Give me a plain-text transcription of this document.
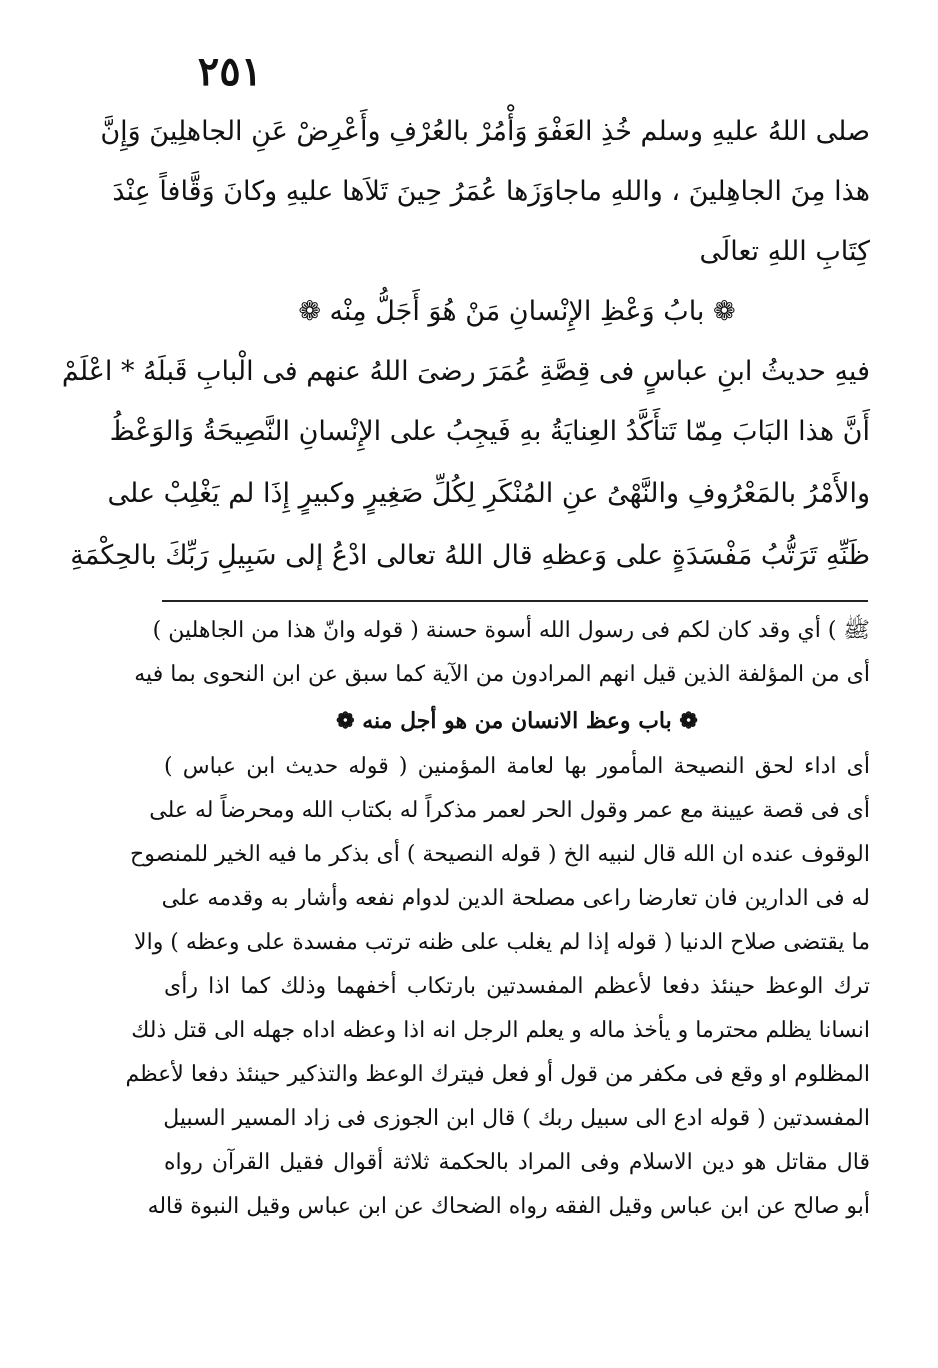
٢٥١
صلى اللهُ عليهِ وسلم خُذِ العَفْوَ وَأْمُرْ بالعُرْفِ وأَعْرِضْ عَنِ الجاهلِينَ وَإِنَّ
هذا مِنَ الجاهِلينَ ، واللهِ ماجاوَزَها عُمَرُ حِينَ تَلاَها عليهِ وكانَ وَقَّافاً عِنْدَ
كِتَابِ اللهِ تعالَى
❁ بابُ وَعْظِ الإِنْسانِ مَنْ هُوَ أَجَلُّ مِنْه ❁
فيهِ حديثُ ابنِ عباسٍ فى قِصَّةِ عُمَرَ رضىَ اللهُ عنهم فى الْبابِ قَبلَهُ * اعْلَمْ
أَنَّ هذا البَابَ مِمّا تَتأَكَّدُ العِنايَةُ بهِ فَيجِبُ على الإِنْسانِ النَّصِيحَةُ وَالوَعْظُ
والأَمْرُ بالمَعْرُوفِ والنَّهْىُ عنِ المُنْكَرِ لِكُلِّ صَغِيرٍ وكبيرٍ إِذَا لم يَغْلِبْ على
ظَنِّهِ تَرَتُّبُ مَفْسَدَةٍ على وَعظهِ قال اللهُ تعالى ادْعُ إلى سَبِيلِ رَبِّكَ بالحِكْمَةِ
ﷺ ) أي وقد كان لكم فى رسول الله أسوة حسنة ( قوله وانّ هذا من الجاهلين )
أى من المؤلفة الذين قيل انهم المرادون من الآية كما سبق عن ابن النحوى بما فيه
❁ باب وعظ الانسان من هو أجل منه ❁
أى اداء لحق النصيحة المأمور بها لعامة المؤمنين ( قوله حديث ابن عباس )
أى فى قصة عيينة مع عمر وقول الحر لعمر مذكراً له بكتاب الله ومحرضاً له على
الوقوف عنده ان الله قال لنبيه الخ ( قوله النصيحة ) أى بذكر ما فيه الخير للمنصوح
له فى الدارين فان تعارضا راعى مصلحة الدين لدوام نفعه وأشار به وقدمه على
ما يقتضى صلاح الدنيا ( قوله إذا لم يغلب على ظنه ترتب مفسدة على وعظه ) والا
ترك الوعظ حينئذ دفعا لأعظم المفسدتين بارتكاب أخفهما وذلك كما اذا رأى
انسانا يظلم محترما و يأخذ ماله و يعلم الرجل انه اذا وعظه اداه جهله الى قتل ذلك
المظلوم او وقع فى مكفر من قول أو فعل فيترك الوعظ والتذكير حينئذ دفعا لأعظم
المفسدتين ( قوله ادع الى سبيل ربك ) قال ابن الجوزى فى زاد المسير السبيل
قال مقاتل هو دين الاسلام وفى المراد بالحكمة ثلاثة أقوال فقيل القرآن رواه
أبو صالح عن ابن عباس وقيل الفقه رواه الضحاك عن ابن عباس وقيل النبوة قاله
